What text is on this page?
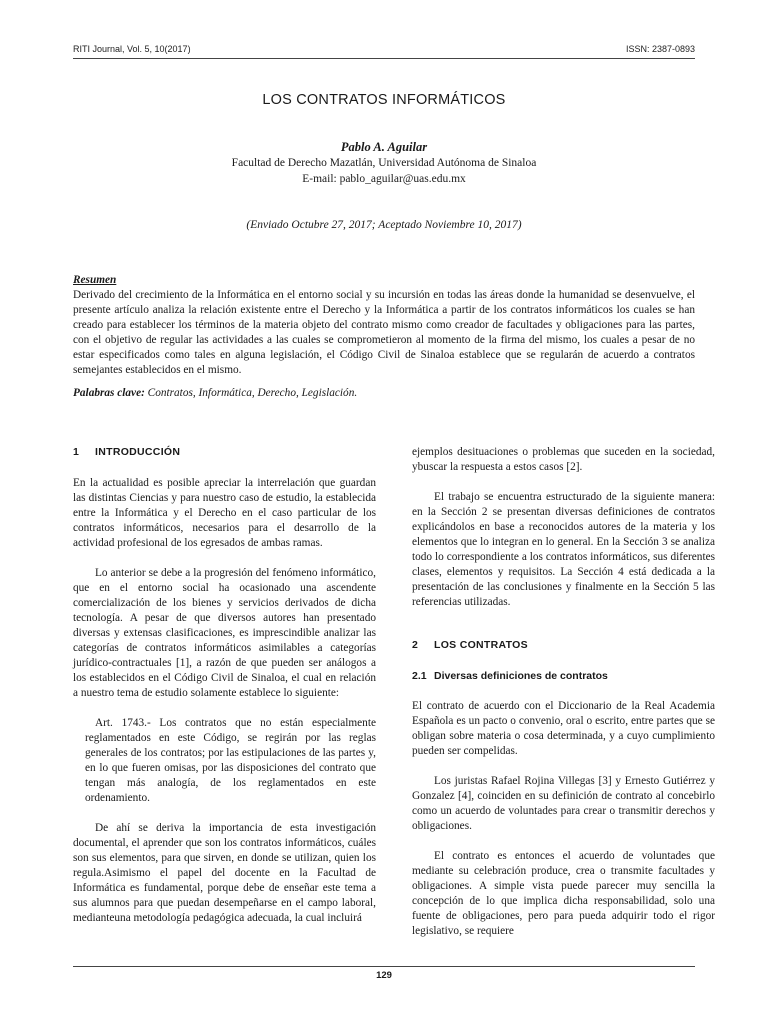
RITI Journal, Vol. 5, 10(2017)	ISSN: 2387-0893
LOS CONTRATOS INFORMÁTICOS
Pablo A. Aguilar
Facultad de Derecho Mazatlán, Universidad Autónoma de Sinaloa
E-mail: pablo_aguilar@uas.edu.mx
(Enviado Octubre 27, 2017; Aceptado Noviembre 10, 2017)
Resumen
Derivado del crecimiento de la Informática en el entorno social y su incursión en todas las áreas donde la humanidad se desenvuelve, el presente artículo analiza la relación existente entre el Derecho y la Informática a partir de los contratos informáticos los cuales se han creado para establecer los términos de la materia objeto del contrato mismo como creador de facultades y obligaciones para las partes, con el objetivo de regular las actividades a las cuales se comprometieron al momento de la firma del mismo, los cuales a pesar de no estar especificados como tales en alguna legislación, el Código Civil de Sinaloa establece que se regularán de acuerdo a contratos semejantes establecidos en el mismo.
Palabras clave: Contratos, Informática, Derecho, Legislación.
1 INTRODUCCIÓN

En la actualidad es posible apreciar la interrelación que guardan las distintas Ciencias y para nuestro caso de estudio, la establecida entre la Informática y el Derecho en el caso particular de los contratos informáticos, necesarios para el desarrollo de la actividad profesional de los egresados de ambas ramas.

Lo anterior se debe a la progresión del fenómeno informático, que en el entorno social ha ocasionado una ascendente comercialización de los bienes y servicios derivados de dicha tecnología. A pesar de que diversos autores han presentado diversas y extensas clasificaciones, es imprescindible analizar las categorías de contratos informáticos asimilables a categorías jurídico-contractuales [1], a razón de que pueden ser análogos a los establecidos en el Código Civil de Sinaloa, el cual en relación a nuestro tema de estudio solamente establece lo siguiente:

Art. 1743.- Los contratos que no están especialmente reglamentados en este Código, se regirán por las reglas generales de los contratos; por las estipulaciones de las partes y, en lo que fueren omisas, por las disposiciones del contrato que tengan más analogía, de los reglamentados en este ordenamiento.

De ahí se deriva la importancia de esta investigación documental, el aprender que son los contratos informáticos, cuáles son sus elementos, para que sirven, en donde se utilizan, quien los regula.Asimismo el papel del docente en la Facultad de Informática es fundamental, porque debe de enseñar este tema a sus alumnos para que puedan desempeñarse en el campo laboral, medianteuna metodología pedagógica adecuada, la cual incluirá

ejemplos desituaciones o problemas que suceden en la sociedad, ybuscar la respuesta a estos casos [2].

El trabajo se encuentra estructurado de la siguiente manera: en la Sección 2 se presentan diversas definiciones de contratos explicándolos en base a reconocidos autores de la materia y los elementos que lo integran en lo general. En la Sección 3 se analiza todo lo correspondiente a los contratos informáticos, sus diferentes clases, elementos y requisitos. La Sección 4 está dedicada a la presentación de las conclusiones y finalmente en la Sección 5 las referencias utilizadas.

2 LOS CONTRATOS
2.1 Diversas definiciones de contratos

El contrato de acuerdo con el Diccionario de la Real Academia Española es un pacto o convenio, oral o escrito, entre partes que se obligan sobre materia o cosa determinada, y a cuyo cumplimiento pueden ser compelidas.

Los juristas Rafael Rojina Villegas [3] y Ernesto Gutiérrez y Gonzalez [4], coinciden en su definición de contrato al concebirlo como un acuerdo de voluntades para crear o transmitir derechos y obligaciones.

El contrato es entonces el acuerdo de voluntades que mediante su celebración produce, crea o transmite facultades y obligaciones. A simple vista puede parecer muy sencilla la concepción de lo que implica dicha responsabilidad, solo una fuente de obligaciones, pero para pueda adquirir todo el rigor legislativo, se requiere

129
